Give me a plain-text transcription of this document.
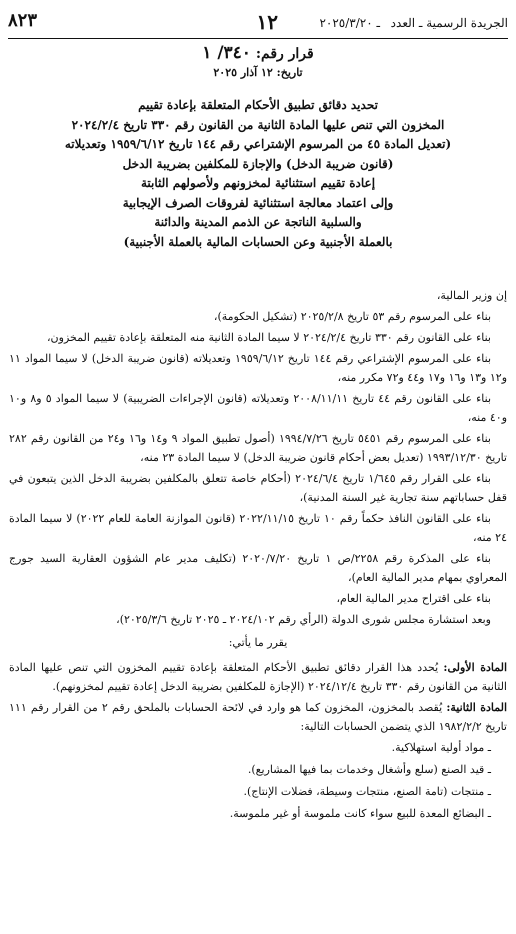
الجريدة الرسمية ـ العدد
١٢	ـ ٢٠٢٥/٣/٢٠
٨٢٣
قرار رقم: ٣٤٠/ ١
تاريخ: ١٢ آذار ٢٠٢٥
تحديد دقائق تطبيق الأحكام المتعلقة بإعادة تقييم
المخزون التي تنص عليها المادة الثانية من القانون رقم ٣٣٠ تاريخ ٢٠٢٤/٢/٤
(تعديل المادة ٤٥ من المرسوم الإشتراعي رقم ١٤٤ تاريخ ١٩٥٩/٦/١٢ وتعديلاته
(قانون ضريبة الدخل) والإجازة للمكلفين بضريبة الدخل
إعادة تقييم استثنائية لمخزونهم ولأصولهم الثابتة
وإلى اعتماد معالجة استثنائية لفروقات الصرف الإيجابية
والسلبية الناتجة عن الذمم المدينة والدائنة
بالعملة الأجنبية وعن الحسابات المالية بالعملة الأجنبية)

إن وزير المالية،

بناء على المرسوم رقم ٥٣ تاريخ ٢٠٢٥/٢/٨ (تشكيل الحكومة)،

بناء على القانون رقم ٣٣٠ تاريخ ٢٠٢٤/٢/٤ لا سيما المادة الثانية منه المتعلقة بإعادة تقييم المخزون،

بناء على المرسوم الإشتراعي رقم ١٤٤ تاريخ ١٩٥٩/٦/١٢ وتعديلاته (قانون ضريبة الدخل) لا سيما المواد ١١ و١٢ و١٣ و١٦ و١٧ و٤٤ و٧٢ مكرر منه،

بناء على القانون رقم ٤٤ تاريخ ٢٠٠٨/١١/١١ وتعديلاته (قانون الإجراءات الضريبية) لا سيما المواد ٥ و٨ و١٠ و٤٠ منه،

بناء على المرسوم رقم ٥٤٥١ تاريخ ١٩٩٤/٧/٢٦ (أصول تطبيق المواد ٩ و١٤ و١٦ و٢٤ من القانون رقم ٢٨٢ تاريخ ١٩٩٣/١٢/٣٠ (تعديل بعض أحكام قانون ضريبة الدخل) لا سيما المادة ٢٣ منه،

بناء على القرار رقم ١/٦٤٥ تاريخ ٢٠٢٤/٦/٤ (أحكام خاصة تتعلق بالمكلفين بضريبة الدخل الذين يتبعون في قفل حساباتهم سنة تجارية غير السنة المدنية)،

بناء على القانون النافذ حكماً رقم ١٠ تاريخ ٢٠٢٢/١١/١٥ (قانون الموازنة العامة للعام ٢٠٢٢) لا سيما المادة ٢٤ منه،

بناء على المذكرة رقم ٢٢٥٨/ص ١ تاريخ ٢٠٢٠/٧/٢٠ (تكليف مدير عام الشؤون العقارية السيد جورج المعراوي بمهام مدير المالية العام)،

بناء على اقتراح مدير المالية العام،

وبعد استشارة مجلس شورى الدولة (الرأي رقم ٢٠٢٤/١٠٢ ـ ٢٠٢٥ تاريخ ٢٠٢٥/٣/٦)،

يقرر ما يأتي:

المادة الأولى: يُحدد هذا القرار دقائق تطبيق الأحكام المتعلقة بإعادة تقييم المخزون التي تنص عليها المادة الثانية من القانون رقم ٣٣٠ تاريخ ٢٠٢٤/١٢/٤ (الإجازة للمكلفين بضريبة الدخل إعادة تقييم لمخزونهم).

المادة الثانية: يُقصد بالمخزون، المخزون كما هو وارد في لائحة الحسابات بالملحق رقم ٢ من القرار رقم ١١١ تاريخ ١٩٨٢/٢/٢ الذي يتضمن الحسابات التالية:

ـ مواد أولية استهلاكية.
ـ قيد الصنع (سلع وأشغال وخدمات بما فيها المشاريع).
ـ منتجات (تامة الصنع، منتجات وسيطة، فضلات الإنتاج).
ـ البضائع المعدة للبيع سواء كانت ملموسة أو غير ملموسة.
